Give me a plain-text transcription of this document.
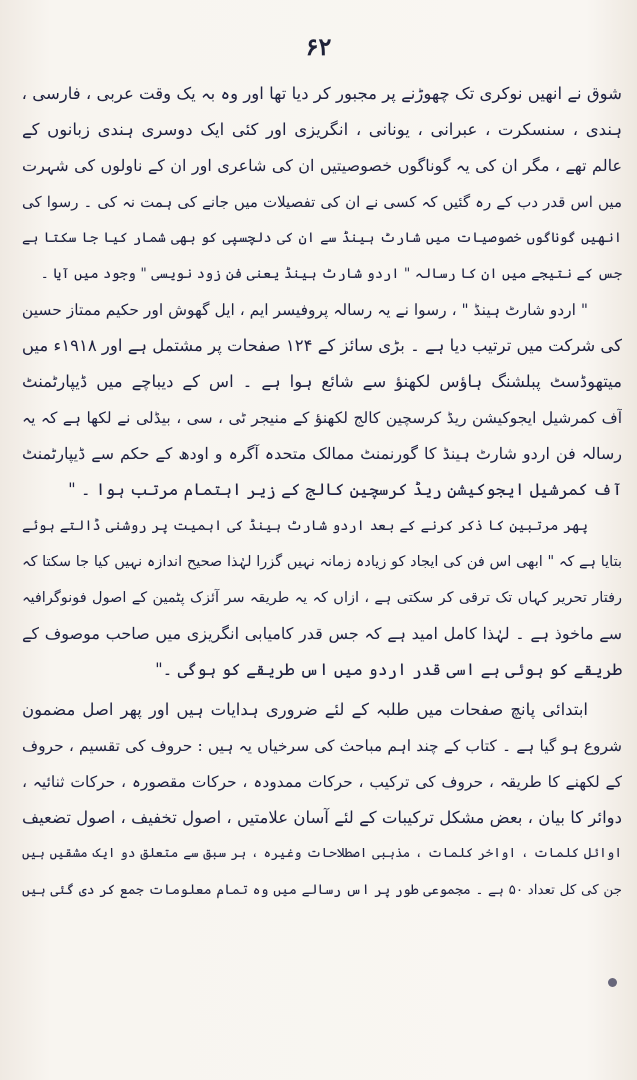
۶۲
شوق نے انھیں نوکری تک چھوڑنے پر مجبور کر دیا تھا اور وہ بہ یک وقت عربی ، فارسی ،
ہندی ، سنسکرت ، عبرانی ، یونانی ، انگریزی اور کئی ایک دوسری ہندی زبانوں کے
عالم تھے ، مگر ان کی یہ گوناگوں خصوصیتیں ان کی شاعری اور ان کے ناولوں کی شہرت
میں اس قدر دب کے رہ گئیں کہ کسی نے ان کی تفصیلات میں جانے کی ہمت نہ کی ۔ رسوا کی
انھیں گوناگوں خصوصیات میں شارٹ ہینڈ سے ان کی دلچسپی کو بھی شمار کیا جا سکتا ہے
جس کے نتیجے میں ان کا رسالہ " اردو شارٹ ہینڈ یعنی فن زود نویسی " وجود میں آیا ۔
" اردو شارٹ ہینڈ " ، رسوا نے یہ رسالہ پروفیسر ایم ، ایل گھوش اور حکیم ممتاز حسین
کی شرکت میں ترتیب دیا ہے ۔ بڑی سائز کے ۱۲۴ صفحات پر مشتمل ہے اور ۱۹۱۸ء میں
میتھوڈسٹ پبلشنگ ہاؤس لکھنؤ سے شائع ہوا ہے ۔ اس کے دیباچے میں ڈیپارٹمنٹ
آف کمرشیل ایجوکیشن ریڈ کرسچین کالج لکھنؤ کے منیجر ٹی ، سی ، بیڈلی نے لکھا ہے کہ یہ
رسالہ فن اردو شارٹ ہینڈ کا گورنمنٹ ممالک متحدہ آگرہ و اودھ کے حکم سے ڈیپارٹمنٹ
آف کمرشیل ایجوکیشن ریڈ کرسچین کالج کے زیر اہتمام مرتب ہوا ۔ "
پھر مرتبین کا ذکر کرنے کے بعد اردو شارٹ ہینڈ کی اہمیت پر روشنی ڈالتے ہوئے
بتایا ہے کہ " ابھی اس فن کی ایجاد کو زیادہ زمانہ نہیں گزرا لہٰذا صحیح اندازہ نہیں کیا جا سکتا کہ
رفتار تحریر کہاں تک ترقی کر سکتی ہے ، ازاں کہ یہ طریقہ سر آئزک پٹمین کے اصول فونوگرافیہ
سے ماخوذ ہے ۔ لہٰذا کامل امید ہے کہ جس قدر کامیابی انگریزی میں صاحب موصوف کے
طریقے کو ہوئی ہے اسی قدر اردو میں اس طریقے کو ہوگی ۔"
ابتدائی پانچ صفحات میں طلبہ کے لئے ضروری ہدایات ہیں اور پھر اصل مضمون
شروع ہو گیا ہے ۔ کتاب کے چند اہم مباحث کی سرخیاں یہ ہیں : حروف کی تقسیم ، حروف
کے لکھنے کا طریقہ ، حروف کی ترکیب ، حرکات ممدودہ ، حرکات مقصورہ ، حرکات ثنائیہ ،
دوائر کا بیان ، بعض مشکل ترکیبات کے لئے آسان علامتیں ، اصول تخفیف ، اصول تضعیف
اوائل کلمات ، اواخر کلمات ، مذہبی اصطلاحات وغیرہ ، ہر سبق سے متعلق دو ایک مشقیں ہیں
جن کی کل تعداد ۵۰ ہے ۔ مجموعی طور پر اس رسالے میں وہ تمام معلومات جمع کر دی گئی ہیں
